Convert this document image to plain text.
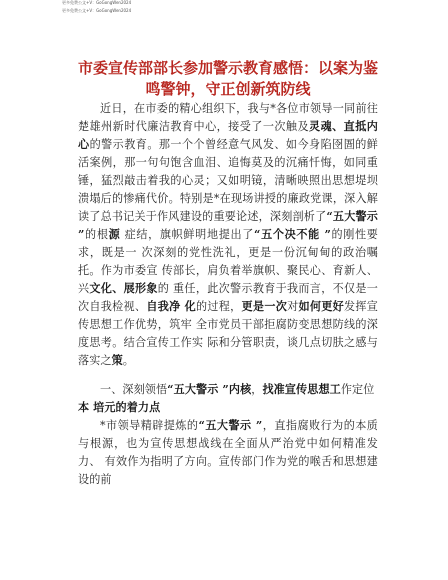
更多免费公文+V：GoGongWen2024
更多免费公文+V：GoGongWen2024
市委宣传部部长参加警示教育感悟：以案为鉴鸣警钟，守正创新筑防线

近日，在市委的精心组织下，我与*各位市领导一同前往楚雄州新时代廉洁教育中心，接受了一次触及灵魂、直抵内心的警示教育。那一个个曾经意气风发、如今身陷囹圄的鲜活案例，那一句句饱含血泪、追悔莫及的沉痛忏悔，如同重锤，猛烈敲击着我的心灵；又如明镜，清晰映照出思想堤坝溃塌后的惨痛代价。特别是*在现场讲授的廉政党课，深入解读了总书记关于作风建设的重要论述，深刻剖析了“五大警示 ”的根源 症结，旗帜鲜明地提出了“五个决不能 ”的刚性要求，既是一 次深刻的党性洗礼，更是一份沉甸甸的政治嘱托。作为市委宣 传部长，肩负着举旗帜、聚民心、育新人、兴文化、展形象的 重任，此次警示教育于我而言，不仅是一次自我检视、自我净 化的过程，更是一次对如何更好发挥宣传思想工作优势，筑牢 全市党员干部拒腐防变思想防线的深度思考。结合宣传工作实 际和分管职责，谈几点切肤之感与落实之策。

一、深刻领悟“五大警示 ”内核，找准宣传思想工作定位
本 培元的着力点

*市领导精辟提炼的“五大警示 ”，直指腐败行为的本质与根源，也为宣传思想战线在全面从严治党中如何精准发力、 有效作为指明了方向。宣传部门作为党的喉舌和思想建设的前
